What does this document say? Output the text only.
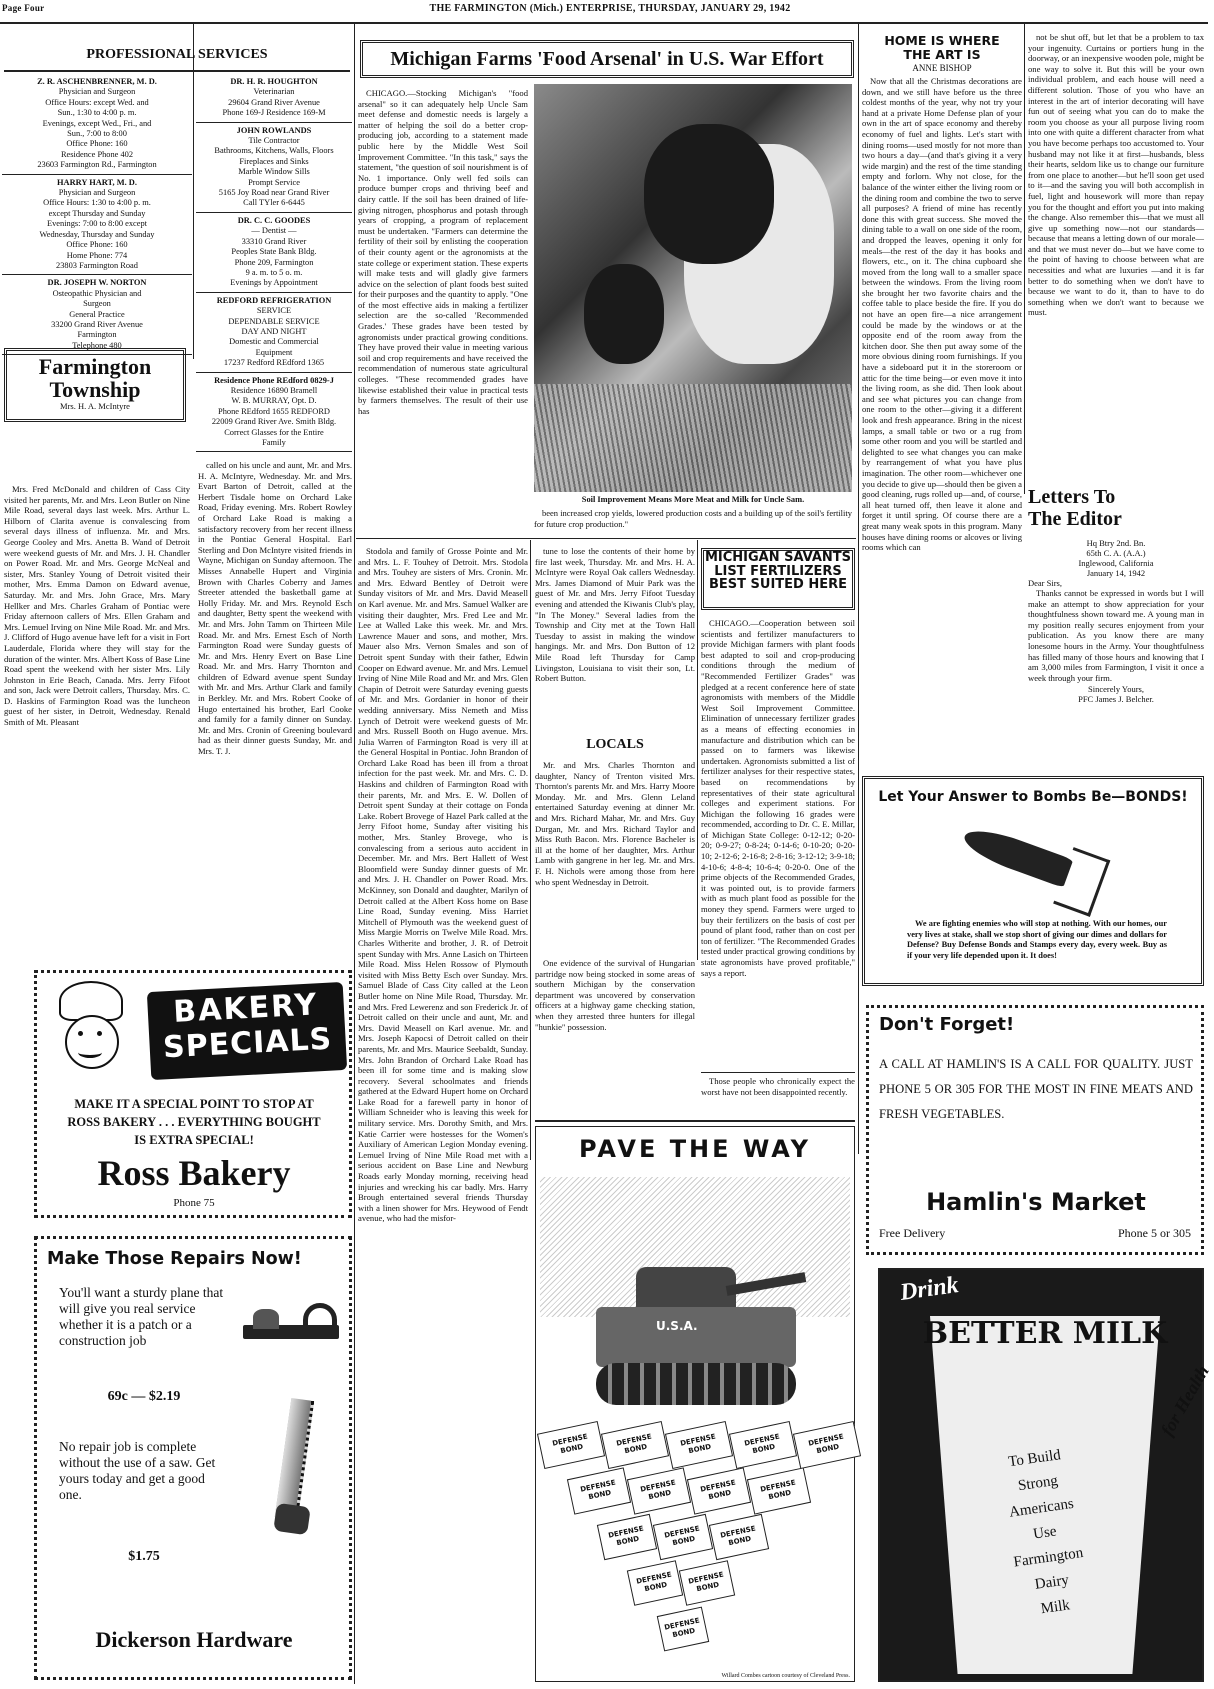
Page Four	THE FARMINGTON (Mich.) ENTERPRISE, THURSDAY, JANUARY 29, 1942
PROFESSIONAL SERVICES
Z. R. ASCHENBRENNER, M. D.
Physician and Surgeon
Office Hours: except Wed. and
Sun., 1:30 to 4:00 p. m.
Evenings, except Wed., Fri., and
Sun., 7:00 to 8:00
Office Phone: 160
Residence Phone 402
23603 Farmington Rd., Farmington
HARRY HART, M. D.
Physician and Surgeon
Office Hours: 1:30 to 4:00 p. m.
except Thursday and Sunday
Evenings: 7:00 to 8:00 except
Wednesday, Thursday and Sunday
Office Phone: 160
Home Phone: 774
23803 Farmington Road
DR. JOSEPH W. NORTON
Osteopathic Physician and
Surgeon
General Practice
33200 Grand River Avenue
Farmington
Telephone 480
DR. H. R. HOUGHTON
Veterinarian
29604 Grand River Avenue
Phone 169-J Residence 169-M
JOHN ROWLANDS
Tile Contractor
Bathrooms, Kitchens, Walls, Floors
Fireplaces and Sinks
Marble Window Sills
Prompt Service
5165 Joy Road near Grand River
Call TYler 6-6445
DR. C. C. GOODES
— Dentist —
33310 Grand River
Peoples State Bank Bldg.
Phone 209, Farmington
9 a. m. to 5 o. m.
Evenings by Appointment
REDFORD REFRIGERATION
SERVICE
DEPENDABLE SERVICE
DAY AND NIGHT
Domestic and Commercial
Equipment
17237 Redford REdford 1365
Residence Phone REdford 0829-J
Residence 16890 Bramell
W. B. MURRAY, Opt. D.
Phone REdford 1655 REDFORD
22009 Grand River Ave. Smith Bldg.
Correct Glasses for the Entire
Family
Farmington
Township
Mrs. H. A. McIntyre

Mrs. Fred McDonald and children of Cass City visited her parents, Mr. and Mrs. Leon Butler on Nine Mile Road, several days last week. Mrs. Arthur L. Hilborn of Clarita avenue is convalescing from several days illness of influenza. Mr. and Mrs. George Cooley and Mrs. Anetta B. Wand of Detroit were weekend guests of Mr. and Mrs. J. H. Chandler on Power Road. Mr. and Mrs. George McNeal and sister, Mrs. Stanley Young of Detroit visited their mother, Mrs. Emma Damon on Edward avenue, Saturday. Mr. and Mrs. John Grace, Mrs. Mary Hellker and Mrs. Charles Graham of Pontiac were Friday afternoon callers of Mrs. Ellen Graham and Mrs. Lemuel Irving on Nine Mile Road. Mr. and Mrs. J. Clifford of Hugo avenue have left for a visit in Fort Lauderdale, Florida where they will stay for the duration of the winter. Mrs. Albert Koss of Base Line Road spent the weekend with her sister Mrs. Lily Johnston in Erie Beach, Canada. Mrs. Jerry Fifoot and son, Jack were Detroit callers, Thursday. Mrs. C. D. Haskins of Farmington Road was the luncheon guest of her sister, in Detroit, Wednesday. Renald Smith of Mt. Pleasant

called on his uncle and aunt, Mr. and Mrs. H. A. McIntyre, Wednesday. Mr. and Mrs. Evart Barton of Detroit, called at the Herbert Tisdale home on Orchard Lake Road, Friday evening. Mrs. Robert Rowley of Orchard Lake Road is making a satisfactory recovery from her recent illness in the Pontiac General Hospital. Earl Sterling and Don McIntyre visited friends in Wayne, Michigan on Sunday afternoon. The Misses Annabelle Hupert and Virginia Brown with Charles Coberry and James Streeter attended the basketball game at Holly Friday. Mr. and Mrs. Reynold Esch and daughter, Betty spent the weekend with Mr. and Mrs. John Tamm on Thirteen Mile Road. Mr. and Mrs. Ernest Esch of North Farmington Road were Sunday guests of Mr. and Mrs. Henry Evert on Base Line Road. Mr. and Mrs. Harry Thornton and children of Edward avenue spent Sunday with Mr. and Mrs. Arthur Clark and family in Berkley. Mr. and Mrs. Robert Cooke of Hugo entertained his brother, Earl Cooke and family for a family dinner on Sunday. Mr. and Mrs. Cronin of Greening boulevard had as their dinner guests Sunday, Mr. and Mrs. T. J.

BAKERY
SPECIALS
MAKE IT A SPECIAL POINT TO STOP AT
ROSS BAKERY . . . EVERYTHING BOUGHT
IS EXTRA SPECIAL!
Ross Bakery
Phone 75
Make Those Repairs Now!
You'll want a sturdy plane that will give you real service whether it is a patch or a construction job
69c — $2.19
No repair job is complete without the use of a saw. Get yours today and get a good one.
$1.75
Dickerson Hardware
Michigan Farms 'Food Arsenal' in U.S. War Effort

CHICAGO.—Stocking Michigan's "food arsenal" so it can adequately help Uncle Sam meet defense and domestic needs is largely a matter of helping the soil do a better crop-producing job, according to a statement made public here by the Middle West Soil Improvement Committee. "In this task," says the statement, "the question of soil nourishment is of No. 1 importance. Only well fed soils can produce bumper crops and thriving beef and dairy cattle. If the soil has been drained of life-giving nitrogen, phosphorus and potash through years of cropping, a program of replacement must be undertaken. "Farmers can determine the fertility of their soil by enlisting the cooperation of their county agent or the agronomists at the state college or experiment station. These experts will make tests and will gladly give farmers advice on the selection of plant foods best suited for their purposes and the quantity to apply. "One of the most effective aids in making a fertilizer selection are the so-called 'Recommended Grades.' These grades have been tested by agronomists under practical growing conditions. They have proved their value in meeting various soil and crop requirements and have received the recommendation of numerous state agricultural colleges. "These recommended grades have likewise established their value in practical tests by farmers themselves. The result of their use has

Soil Improvement Means More Meat and Milk for Uncle Sam.

been increased crop yields, lowered production costs and a building up of the soil's fertility for future crop production."

Stodola and family of Grosse Pointe and Mr. and Mrs. L. F. Touhey of Detroit. Mrs. Stodola and Mrs. Touhey are sisters of Mrs. Cronin. Mr. and Mrs. Edward Bentley of Detroit were Sunday visitors of Mr. and Mrs. David Measell on Karl avenue. Mr. and Mrs. Samuel Walker are visiting their daughter, Mrs. Fred Lee and Mr. Lee at Walled Lake this week. Mr. and Mrs. Lawrence Mauer and sons, and mother, Mrs. Mauer also Mrs. Vernon Smales and son of Detroit spent Sunday with their father, Edwin Cooper on Edward avenue. Mr. and Mrs. Lemuel Irving of Nine Mile Road and Mr. and Mrs. Glen Chapin of Detroit were Saturday evening guests of Mr. and Mrs. Gordanier in honor of their wedding anniversary. Miss Nemeth and Miss Lynch of Detroit were weekend guests of Mr. and Mrs. Russell Booth on Hugo avenue. Mrs. Julia Warren of Farmington Road is very ill at the General Hospital in Pontiac. John Brandon of Orchard Lake Road has been ill from a throat infection for the past week. Mr. and Mrs. C. D. Haskins and children of Farmington Road with their parents, Mr. and Mrs. E. W. Dollen of Detroit spent Sunday at their cottage on Fonda Lake. Robert Brovege of Hazel Park called at the Jerry Fifoot home, Sunday after visiting his mother, Mrs. Stanley Brovege, who is convalescing from a serious auto accident in December. Mr. and Mrs. Bert Hallett of West Bloomfield were Sunday dinner guests of Mr. and Mrs. J. H. Chandler on Power Road. Mrs. McKinney, son Donald and daughter, Marilyn of Detroit called at the Albert Koss home on Base Line Road, Sunday evening. Miss Harriet Mitchell of Plymouth was the weekend guest of Miss Margie Morris on Twelve Mile Road. Mrs. Charles Witherite and brother, J. R. of Detroit spent Sunday with Mrs. Anne Lasich on Thirteen Mile Road. Miss Helen Rossow of Plymouth visited with Miss Betty Esch over Sunday. Mrs. Samuel Blade of Cass City called at the Leon Butler home on Nine Mile Road, Thursday. Mr. and Mrs. Fred Lewerenz and son Frederick Jr. of Detroit called on their uncle and aunt, Mr. and Mrs. David Measell on Karl avenue. Mr. and Mrs. Joseph Kapocsi of Detroit called on their parents, Mr. and Mrs. Maurice Seebaldt, Sunday. Mrs. John Brandon of Orchard Lake Road has been ill for some time and is making slow recovery. Several schoolmates and friends gathered at the Edward Hupert home on Orchard Lake Road for a farewell party in honor of William Schneider who is leaving this week for military service. Mrs. Dorothy Smith, and Mrs. Katie Carrier were hostesses for the Women's Auxiliary of American Legion Monday evening. Lemuel Irving of Nine Mile Road met with a serious accident on Base Line and Newburg Roads early Monday morning, receiving head injuries and wrecking his car badly. Mrs. Harry Brough entertained several friends Thursday with a linen shower for Mrs. Heywood of Fendt avenue, who had the misfor-

tune to lose the contents of their home by fire last week, Thursday. Mr. and Mrs. H. A. McIntyre were Royal Oak callers Wednesday. Mrs. James Diamond of Muir Park was the guest of Mr. and Mrs. Jerry Fifoot Tuesday evening and attended the Kiwanis Club's play, "In The Money." Several ladies from the Township and City met at the Town Hall Tuesday to assist in making the window hangings. Mr. and Mrs. Don Button of 12 Mile Road left Thursday for Camp Livingston, Louisiana to visit their son, Lt. Robert Button.

LOCALS

Mr. and Mrs. Charles Thornton and daughter, Nancy of Trenton visited Mrs. Thornton's parents Mr. and Mrs. Harry Moore Monday. Mr. and Mrs. Glenn Leland entertained Saturday evening at dinner Mr. and Mrs. Richard Mahar, Mr. and Mrs. Guy Durgan, Mr. and Mrs. Richard Taylor and Miss Ruth Bacon. Mrs. Florence Bacheler is ill at the home of her daughter, Mrs. Arthur Lamb with gangrene in her leg. Mr. and Mrs. F. H. Nichols were among those from here who spent Wednesday in Detroit.

One evidence of the survival of Hungarian partridge now being stocked in some areas of southern Michigan by the conservation department was uncovered by conservation officers at a highway game checking station, when they arrested three hunters for illegal "hunkie" possession.

MICHIGAN SAVANTS
LIST FERTILIZERS
BEST SUITED HERE

CHICAGO.—Cooperation between soil scientists and fertilizer manufacturers to provide Michigan farmers with plant foods best adapted to soil and crop-producing conditions through the medium of "Recommended Fertilizer Grades" was pledged at a recent conference here of state agronomists with members of the Middle West Soil Improvement Committee. Elimination of unnecessary fertilizer grades as a means of effecting economies in manufacture and distribution which can be passed on to farmers was likewise undertaken. Agronomists submitted a list of fertilizer analyses for their respective states, based on recommendations by representatives of their state agricultural colleges and experiment stations. For Michigan the following 16 grades were recommended, according to Dr. C. E. Millar, of Michigan State College: 0-12-12; 0-20-20; 0-9-27; 0-8-24; 0-14-6; 0-10-20; 0-20-10; 2-12-6; 2-16-8; 2-8-16; 3-12-12; 3-9-18; 4-10-6; 4-8-4; 10-6-4; 0-20-0. One of the prime objects of the Recommended Grades, it was pointed out, is to provide farmers with as much plant food as possible for the money they spend. Farmers were urged to buy their fertilizers on the basis of cost per pound of plant food, rather than on cost per ton of fertilizer. "The Recommended Grades tested under practical growing conditions by state agronomists have proved profitable," says a report.

Those people who chronically expect the worst have not been disappointed recently.

PAVE THE WAY
U.S.A.
DEFENSE BOND
DEFENSE BOND
DEFENSE BOND
DEFENSE BOND
DEFENSE BOND
DEFENSE BOND
DEFENSE BOND
DEFENSE BOND
DEFENSE BOND
DEFENSE BOND
DEFENSE BOND
DEFENSE BOND
DEFENSE BOND
DEFENSE BOND
DEFENSE BOND
Willard Combes cartoon courtesy of Cleveland Press.
HOME IS WHERE
THE ART IS
ANNE BISHOP

Now that all the Christmas decorations are down, and we still have before us the three coldest months of the year, why not try your hand at a private Home Defense plan of your own in the art of space economy and thereby economy of fuel and lights. Let's start with dining rooms—used mostly for not more than two hours a day—(and that's giving it a very wide margin) and the rest of the time standing empty and forlorn. Why not close, for the balance of the winter either the living room or the dining room and combine the two to serve all purposes? A friend of mine has recently done this with great success. She moved the dining table to a wall on one side of the room, and dropped the leaves, opening it only for meals—the rest of the day it has books and flowers, etc., on it. The china cupboard she moved from the long wall to a smaller space between the windows. From the living room she brought her two favorite chairs and the coffee table to place beside the fire. If you do not have an open fire—a nice arrangement could be made by the windows or at the opposite end of the room away from the kitchen door. She then put away some of the more obvious dining room furnishings. If you have a sideboard put it in the storeroom or attic for the time being—or even move it into the living room, as she did. Then look about and see what pictures you can change from one room to the other—giving it a different look and fresh appearance. Bring in the nicest lamps, a small table or two or a rug from some other room and you will be startled and delighted to see what changes you can make by rearrangement of what you have plus imagination. The other room—whichever one you decide to give up—should then be given a good cleaning, rugs rolled up—and, of course, all heat turned off, then leave it alone and forget it until spring. Of course there are a great many weak spots in this program. Many houses have dining rooms or alcoves or living rooms which can

not be shut off, but let that be a problem to tax your ingenuity. Curtains or portiers hung in the doorway, or an inexpensive wooden pole, might be one way to solve it. But this will be your own individual problem, and each house will need a different solution. Those of you who have an interest in the art of interior decorating will have fun out of seeing what you can do to make the room you choose as your all purpose living room into one with quite a different character from what you have become perhaps too accustomed to. Your husband may not like it at first—husbands, bless their hearts, seldom like us to change our furniture from one place to another—but he'll soon get used to it—and the saving you will both accomplish in fuel, light and housework will more than repay you for the thought and effort you put into making the change. Also remember this—that we must all give up something now—not our standards—because that means a letting down of our morale—and that we must never do—but we have come to the point of having to choose between what are necessities and what are luxuries —and it is far better to do something when we don't have to because we want to do it, than to have to do something when we don't want to because we must.

Letters To
The Editor
Hq Btry 2nd. Bn.
65th C. A. (A.A.)
Inglewood, California
January 14, 1942
Dear Sirs,

Thanks cannot be expressed in words but I will make an attempt to show appreciation for your thoughtfulness shown toward me. A young man in my position really secures enjoyment from your publication. As you know there are many lonesome hours in the Army. Your thoughtfulness has filled many of those hours and knowing that I am 3,000 miles from Farmington, I visit it once a week through your firm.

Sincerely Yours,
PFC James J. Belcher.
Let Your Answer to Bombs Be—BONDS!

We are fighting enemies who will stop at nothing. With our homes, our very lives at stake, shall we stop short of giving our dimes and dollars for Defense? Buy Defense Bonds and Stamps every day, every week. Buy as if your very life depended upon it. It does!

Don't Forget!
A CALL AT HAMLIN'S IS A CALL FOR QUALITY. JUST PHONE 5 OR 305 FOR THE MOST IN FINE MEATS AND FRESH VEGETABLES.
Hamlin's Market
Free Delivery	Phone 5 or 305
Drink
BETTER MILK
for Health
To Build
Strong
Americans
Use
Farmington
Dairy
Milk
